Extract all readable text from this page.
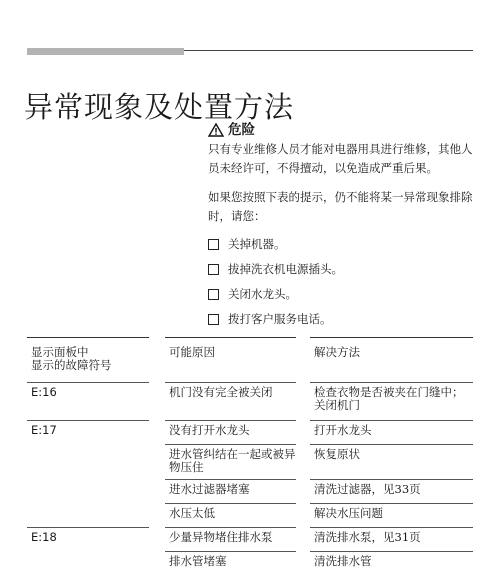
异常现象及处置方法
危险

只有专业维修人员才能对电器用具进行维修，其他人员未经许可，不得擅动，以免造成严重后果。

如果您按照下表的提示，仍不能将某一异常现象排除时，请您：

关掉机器。
拔掉洗衣机电源插头。
关闭水龙头。
拨打客户服务电话。
显示面板中
显示的故障符号	可能原因	解决方法
E:16	机门没有完全被关闭	检查衣物是否被夹在门缝中；关闭机门
E:17	没有打开水龙头	打开水龙头
	进水管纠结在一起或被异物压住	恢复原状
	进水过滤器堵塞	清洗过滤器，见33页
	水压太低	解决水压问题
E:18	少量异物堵住排水泵	清洗排水泵，见31页
	排水管堵塞	清洗排水管
